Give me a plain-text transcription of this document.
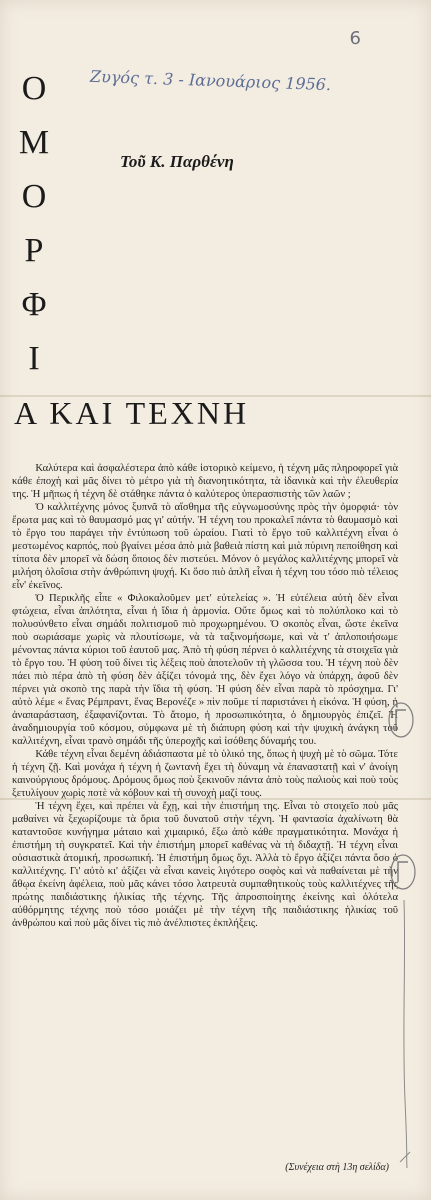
6
Ζυγός τ. 3 - Ιανουάριος 1956.
Ο
Μ
Ο
Ρ
Φ
Ι
Τοῦ Κ. Παρθένη
Α ΚΑΙ ΤΕΧΝΗ

Καλύτερα καὶ ἀσφαλέστερα ἀπὸ κάθε ἱστορικὸ κείμενο, ἡ τέχνη μᾶς πληροφορεῖ γιὰ κάθε ἐποχὴ καὶ μᾶς δίνει τὸ μέτρο γιὰ τὴ διανοητικότητα, τὰ ἰδανικὰ καὶ τὴν ἐλευθερία της. Ἡ μῆπως ἡ τέχνη δὲ στάθηκε πάντα ὁ καλύτερος ὑπερασπιστὴς τῶν λαῶν ;

Ὁ καλλιτέχνης μόνος ξυπνᾶ τὸ αἴσθημα τῆς εὐγνωμοσύνης πρὸς τὴν ὀμορφιά· τὸν ἔρωτα μας καὶ τὸ θαυμασμό μας γι' αὐτήν. Ἡ τέχνη του προκαλεῖ πάντα τὸ θαυμασμὸ καὶ τὸ ἔργο του παράγει τὴν ἐντύπωση τοῦ ὡραίου. Γιατὶ τὸ ἔργο τοῦ καλλιτέχνη εἶναι ὁ μεστωμένος καρπός, ποὺ βγαίνει μέσα ἀπὸ μιὰ βαθειὰ πίστη καὶ μιὰ πύρινη πεποίθηση καὶ τίποτα δὲν μπορεῖ νὰ δώση ὅποιος δὲν πιστεύει. Μόνον ὁ μεγάλος καλλιτέχνης μπορεῖ νὰ μιλήση ὁλοΐσια στὴν ἀνθρώπινη ψυχή. Κι ὅσο πιὸ ἁπλῆ εἶναι ἡ τέχνη του τόσο πιὸ τέλειος εἶν' ἐκεῖνος.

Ὁ Περικλῆς εἶπε « Φιλοκαλοῦμεν μετ' εὐτελείας ». Ἡ εὐτέλεια αὐτὴ δὲν εἶναι φτώχεια, εἶναι ἁπλότητα, εἶναι ἡ ἴδια ἡ ἁρμονία. Οὔτε ὅμως καὶ τὸ πολύπλοκο καὶ τὸ πολυσύνθετο εἶναι σημάδι πολιτισμοῦ πιὸ προχωρημένου. Ὁ σκοπὸς εἶναι, ὥστε ἐκεῖνα ποὺ σωριάσαμε χωρὶς νὰ πλουτίσωμε, νὰ τὰ ταξινομήσωμε, καὶ νὰ τ' ἁπλοποιήσωμε μένοντας πάντα κύριοι τοῦ ἑαυτοῦ μας. Ἀπὸ τὴ φύση πέρνει ὁ καλλιτέχνης τὰ στοιχεῖα γιὰ τὸ ἔργο του. Ἡ φύση τοῦ δίνει τὶς λέξεις ποὺ ἀποτελοῦν τὴ γλῶσσα του. Ἡ τέχνη ποὺ δὲν πάει πιὸ πέρα ἀπὸ τὴ φύση δὲν ἀξίζει τόνομά της, δὲν ἔχει λόγο νὰ ὑπάρχη, ἀφοῦ δὲν πέρνει γιὰ σκοπὸ της παρὰ τὴν ἴδια τὴ φύση. Ἡ φύση δὲν εἶναι παρὰ τὸ πρόσχημα. Γι' αὐτὸ λέμε « ἕνας Ρέμπραντ, ἕνας Βερονέζε » πὶν ποῦμε τί παριστάνει ἡ εἰκόνα. Ἡ φύση, ἡ ἀναπαράσταση, ἐξαφανίζονται. Τὸ ἄτομο, ἡ προσωπικότητα, ὁ δημιουργὸς ἐπιζεῖ. Ἡ ἀναδημιουργία τοῦ κόσμου, σύμφωνα μὲ τὴ διάπυρη φύση καὶ τὴν ψυχικὴ ἀνάγκη τοῦ καλλιτέχνη, εἶναι τρανὸ σημάδι τῆς ὑπεροχῆς καὶ ἰσόθεης δύναμής του.

Κάθε τέχνη εἶναι δεμένη ἀδιάσπαστα μὲ τὸ ὑλικό της, ὅπως ἡ ψυχὴ μὲ τὸ σῶμα. Τότε ἡ τέχνη ζῇ. Καὶ μονάχα ἡ τέχνη ἡ ζωντανὴ ἔχει τὴ δύναμη νὰ ἐπαναστατῇ καὶ ν' ἀνοίγη καινούργιους δρόμους. Δρόμους ὅμως ποὺ ξεκινοῦν πάντα ἀπὸ τοὺς παλιοὺς καὶ ποὺ τοὺς ξετυλίγουν χωρὶς ποτὲ νὰ κόβουν καὶ τὴ συνοχὴ μαζί τους.

Ἡ τέχνη ἔχει, καὶ πρέπει νὰ ἔχῃ, καὶ τὴν ἐπιστήμη της. Εἶναι τὸ στοιχεῖο ποὺ μᾶς μαθαίνει νὰ ξεχωρίζουμε τὰ ὅρια τοῦ δυνατοῦ στὴν τέχνη. Ἡ φαντασία ἀχαλίνωτη θὰ καταντοῦσε κυνήγημα μάταιο καὶ χιμαιρικό, ἔξω ἀπὸ κάθε πραγματικότητα. Μονάχα ἡ ἐπιστήμη τὴ συγκρατεῖ. Καὶ τὴν ἐπιστήμη μπορεῖ καθένας νὰ τὴ διδαχτῇ. Ἡ τέχνη εἶναι οὐσιαστικὰ ἀτομική, προσωπική. Ἡ ἐπιστήμη ὅμως ὄχι. Ἀλλὰ τὸ ἔργο ἀξίζει πάντα ὅσο ὁ καλλιτέχνης. Γι' αὐτὸ κι' ἀξίζει νὰ εἶναι κανεὶς λιγότερο σοφὸς καὶ νὰ παθαίνεται μὲ τὴν ἄθῳα ἐκείνη ἀφέλεια, ποὺ μᾶς κάνει τόσο λατρευτὰ συμπαθητικοὺς τοὺς καλλιτέχνες τῆς πρώτης παιδιάστικης ἡλικίας τῆς τέχνης. Τῆς ἀπροσποίητης ἐκείνης καὶ ὁλότελα αὐθόρμητης τέχνης ποὺ τόσο μοιάζει μὲ τὴν τέχνη τῆς παιδιάστικης ἡλικίας τοῦ ἀνθρώπου καὶ ποὺ μᾶς δίνει τὶς πιὸ ἀνέλπιστες ἐκπλήξεις.

(Συνέχεια στὴ 13η σελίδα)
